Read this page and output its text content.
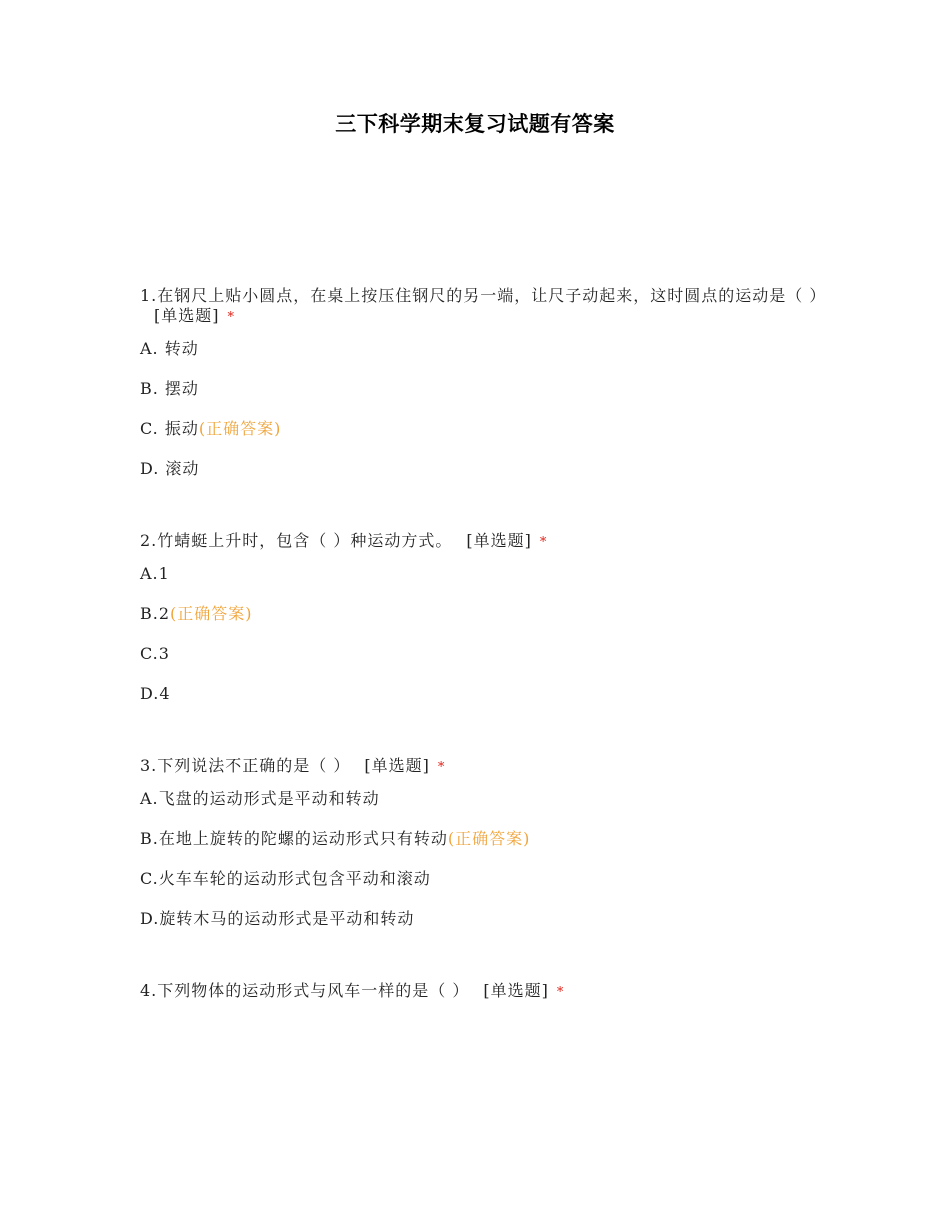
三下科学期末复习试题有答案

1.在钢尺上贴小圆点，在桌上按压住钢尺的另一端，让尺子动起来，这时圆点的运动是（ ）[单选题] *

A. 转动
B. 摆动
C. 振动(正确答案)
D. 滚动

2.竹蜻蜓上升时，包含（ ）种运动方式。 [单选题] *

A.1
B.2(正确答案)
C.3
D.4

3.下列说法不正确的是（ ） [单选题] *

A.飞盘的运动形式是平动和转动
B.在地上旋转的陀螺的运动形式只有转动(正确答案)
C.火车车轮的运动形式包含平动和滚动
D.旋转木马的运动形式是平动和转动

4.下列物体的运动形式与风车一样的是（ ） [单选题] *
